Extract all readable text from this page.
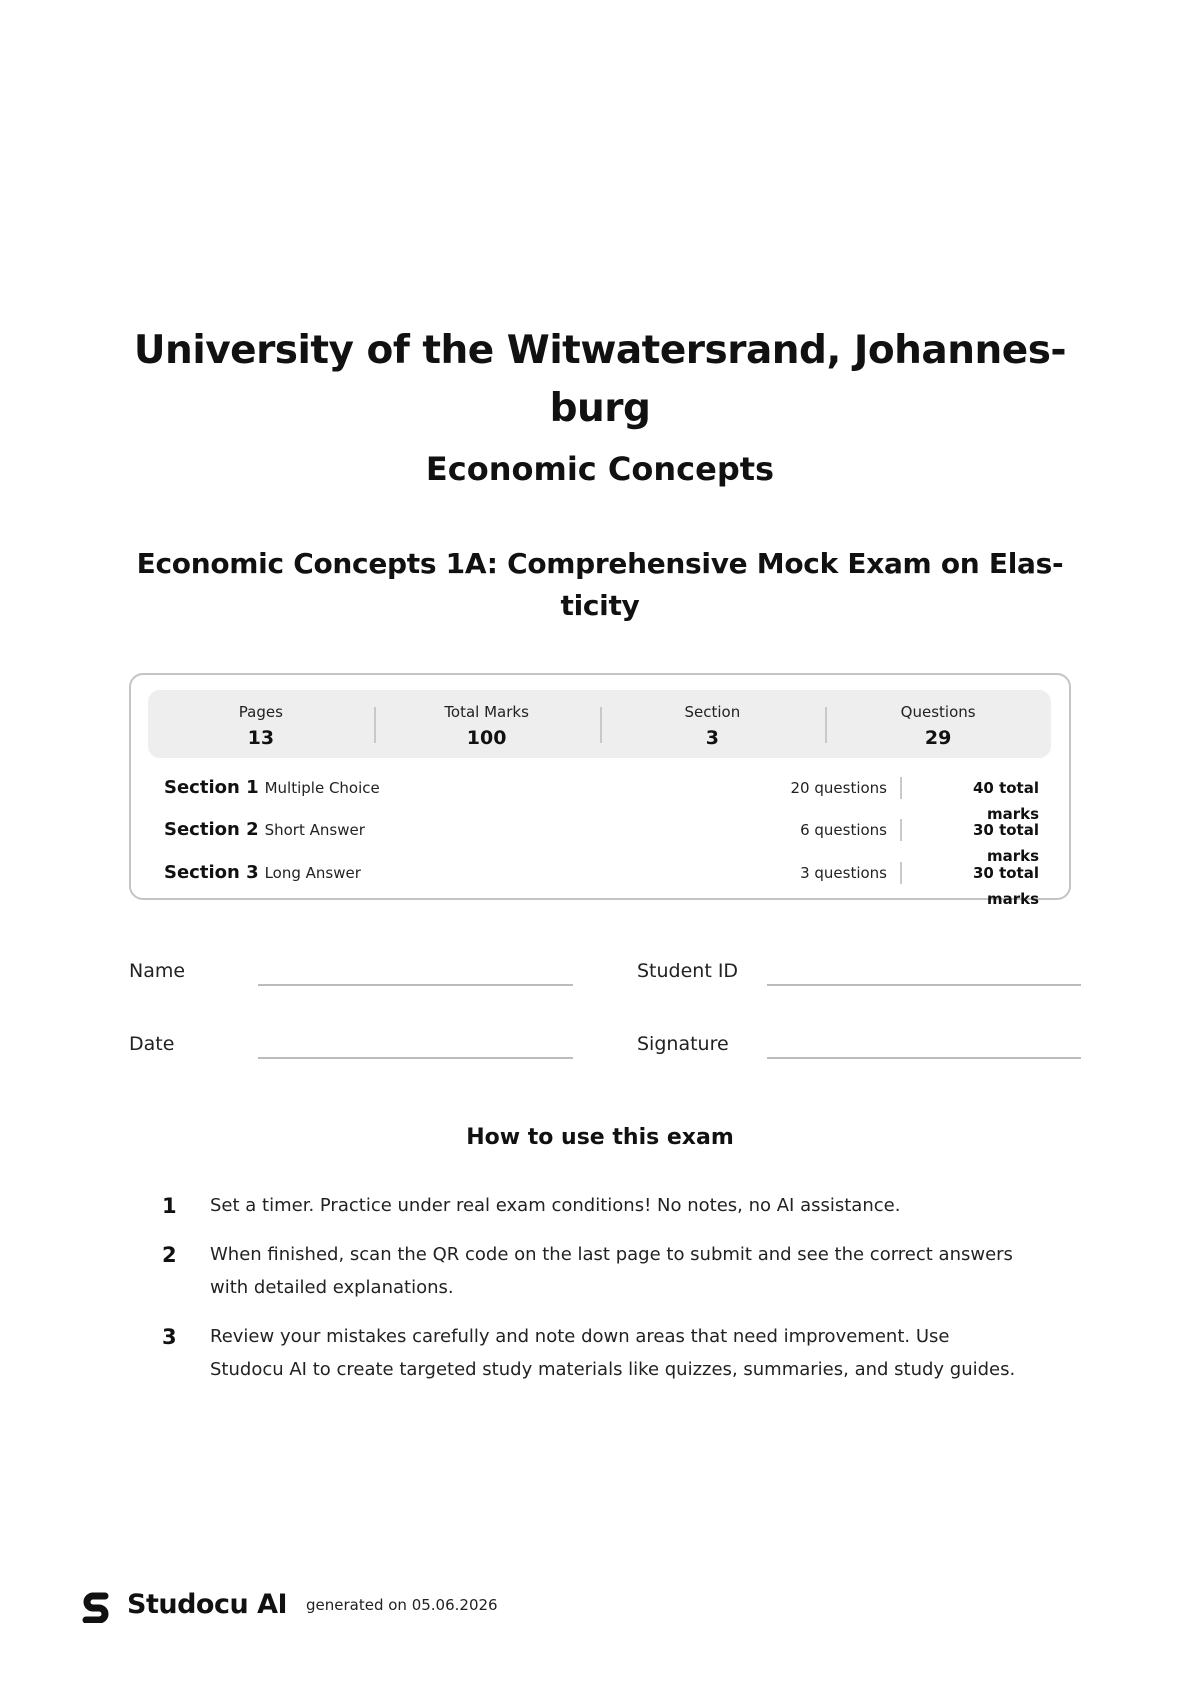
University of the Witwatersrand, Johannes-burg
Economic Concepts
Economic Concepts 1A: Comprehensive Mock Exam on Elas-ticity
Pages
13
Total Marks
100
Section
3
Questions
29
Section 1 Multiple Choice	20 questions	40 total marks
Section 2 Short Answer	6 questions	30 total marks
Section 3 Long Answer	3 questions	30 total marks
Name	Student ID
Date	Signature
How to use this exam
1 Set a timer. Practice under real exam conditions! No notes, no AI assistance.
2 When finished, scan the QR code on the last page to submit and see the correct answers with detailed explanations.
3 Review your mistakes carefully and note down areas that need improvement. Use Studocu AI to create targeted study materials like quizzes, summaries, and study guides.
Studocu AI generated on 05.06.2026
